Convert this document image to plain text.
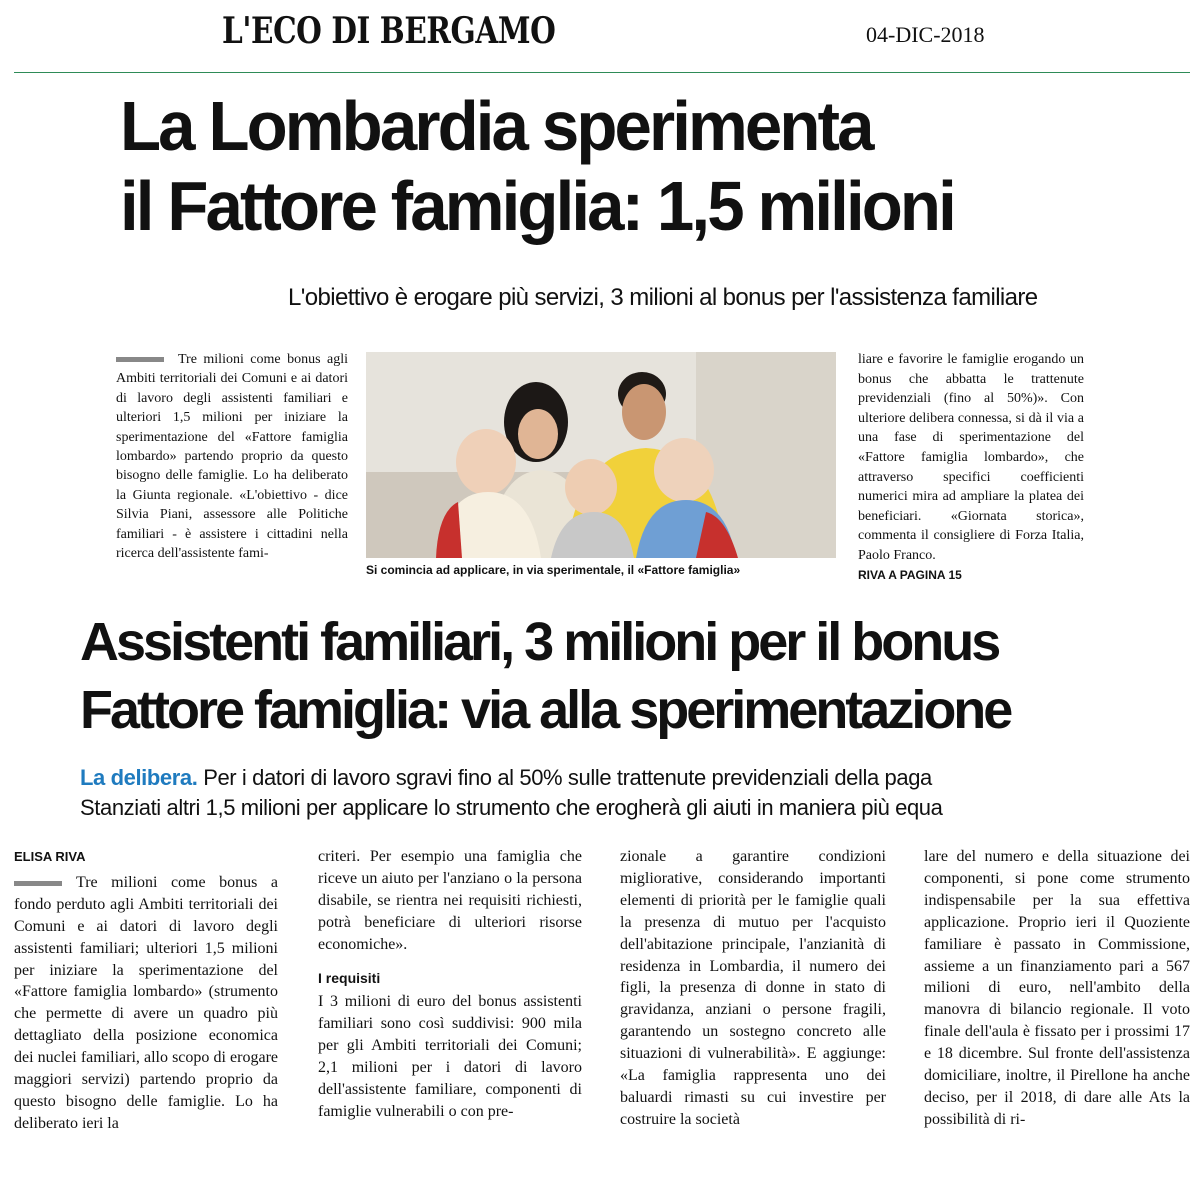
L'ECO DI BERGAMO	04-DIC-2018
La Lombardia sperimenta
il Fattore famiglia: 1,5 milioni
L'obiettivo è erogare più servizi, 3 milioni al bonus per l'assistenza familiare

Tre milioni come bonus agli Ambiti territoriali dei Comuni e ai datori di lavoro degli assistenti familiari e ulteriori 1,5 milioni per iniziare la sperimentazione del «Fattore famiglia lombardo» partendo proprio da questo bisogno delle famiglie. Lo ha deliberato la Giunta regionale. «L'obiettivo - dice Silvia Piani, assessore alle Politiche familiari - è assistere i cittadini nella ricerca dell'assistente fami-

Si comincia ad applicare, in via sperimentale, il «Fattore famiglia»

liare e favorire le famiglie erogando un bonus che abbatta le trattenute previdenziali (fino al 50%)». Con ulteriore delibera connessa, si dà il via a una fase di sperimentazione del «Fattore famiglia lombardo», che attraverso specifici coefficienti numerici mira ad ampliare la platea dei beneficiari. «Giornata storica», commenta il consigliere di Forza Italia, Paolo Franco.

RIVA A PAGINA 15

Assistenti familiari, 3 milioni per il bonus
Fattore famiglia: via alla sperimentazione
La delibera. Per i datori di lavoro sgravi fino al 50% sulle trattenute previdenziali della paga
Stanziati altri 1,5 milioni per applicare lo strumento che erogherà gli aiuti in maniera più equa
ELISA RIVA

Tre milioni come bonus a fondo perduto agli Ambiti territoriali dei Comuni e ai datori di lavoro degli assistenti familiari; ulteriori 1,5 milioni per iniziare la sperimentazione del «Fattore famiglia lombardo» (strumento che permette di avere un quadro più dettagliato della posizione economica dei nuclei familiari, allo scopo di erogare maggiori servizi) partendo proprio da questo bisogno delle famiglie. Lo ha deliberato ieri la

criteri. Per esempio una famiglia che riceve un aiuto per l'anziano o la persona disabile, se rientra nei requisiti richiesti, potrà beneficiare di ulteriori risorse economiche».

I requisiti

I 3 milioni di euro del bonus assistenti familiari sono così suddivisi: 900 mila per gli Ambiti territoriali dei Comuni; 2,1 milioni per i datori di lavoro dell'assistente familiare, componenti di famiglie vulnerabili o con pre-

zionale a garantire condizioni migliorative, considerando importanti elementi di priorità per le famiglie quali la presenza di mutuo per l'acquisto dell'abitazione principale, l'anzianità di residenza in Lombardia, il numero dei figli, la presenza di donne in stato di gravidanza, anziani o persone fragili, garantendo un sostegno concreto alle situazioni di vulnerabilità». E aggiunge: «La famiglia rappresenta uno dei baluardi rimasti su cui investire per costruire la società

lare del numero e della situazione dei componenti, si pone come strumento indispensabile per la sua effettiva applicazione. Proprio ieri il Quoziente familiare è passato in Commissione, assieme a un finanziamento pari a 567 milioni di euro, nell'ambito della manovra di bilancio regionale. Il voto finale dell'aula è fissato per i prossimi 17 e 18 dicembre. Sul fronte dell'assistenza domiciliare, inoltre, il Pirellone ha anche deciso, per il 2018, di dare alle Ats la possibilità di ri-
